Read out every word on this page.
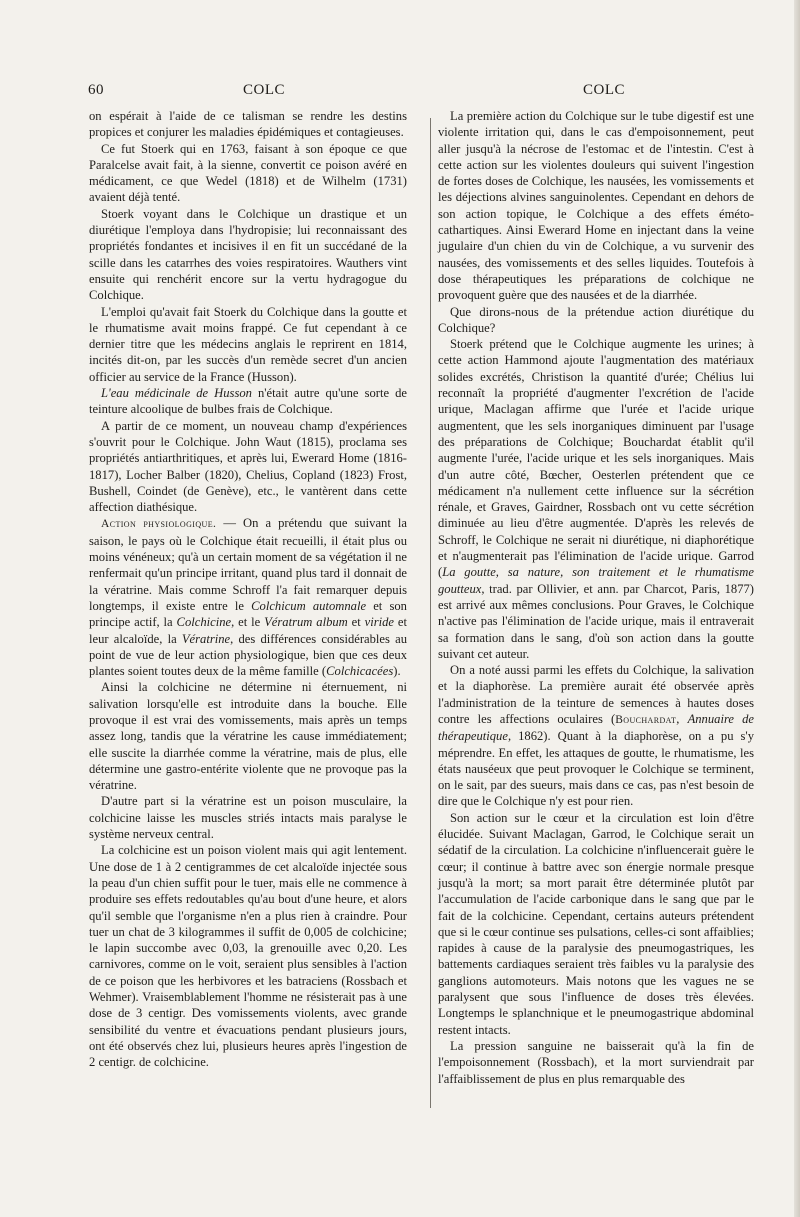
60	COLC	COLC

on espérait à l'aide de ce talisman se rendre les destins propices et conjurer les maladies épidémiques et contagieuses.

Ce fut Stoerk qui en 1763, faisant à son époque ce que Paralcelse avait fait, à la sienne, convertit ce poison avéré en médicament, ce que Wedel (1818) et de Wilhelm (1731) avaient déjà tenté.

Stoerk voyant dans le Colchique un drastique et un diurétique l'employa dans l'hydropisie; lui reconnaissant des propriétés fondantes et incisives il en fit un succédané de la scille dans les catarrhes des voies respiratoires. Wauthers vint ensuite qui renchérit encore sur la vertu hydragogue du Colchique.

L'emploi qu'avait fait Stoerk du Colchique dans la goutte et le rhumatisme avait moins frappé. Ce fut cependant à ce dernier titre que les médecins anglais le reprirent en 1814, incités dit-on, par les succès d'un remède secret d'un ancien officier au service de la France (Husson).

L'eau médicinale de Husson n'était autre qu'une sorte de teinture alcoolique de bulbes frais de Colchique.

A partir de ce moment, un nouveau champ d'expériences s'ouvrit pour le Colchique. John Waut (1815), proclama ses propriétés antiarthritiques, et après lui, Ewerard Home (1816-1817), Locher Balber (1820), Chelius, Copland (1823) Frost, Bushell, Coindet (de Genève), etc., le vantèrent dans cette affection diathésique.

Action physiologique. — On a prétendu que suivant la saison, le pays où le Colchique était recueilli, il était plus ou moins vénéneux; qu'à un certain moment de sa végétation il ne renfermait qu'un principe irritant, quand plus tard il donnait de la vératrine. Mais comme Schroff l'a fait remarquer depuis longtemps, il existe entre le Colchicum automnale et son principe actif, la Colchicine, et le Vératrum album et viride et leur alcaloïde, la Vératrine, des différences considérables au point de vue de leur action physiologique, bien que ces deux plantes soient toutes deux de la même famille (Colchicacées).

Ainsi la colchicine ne détermine ni éternuement, ni salivation lorsqu'elle est introduite dans la bouche. Elle provoque il est vrai des vomissements, mais après un temps assez long, tandis que la vératrine les cause immédiatement; elle suscite la diarrhée comme la vératrine, mais de plus, elle détermine une gastro-entérite violente que ne provoque pas la vératrine.

D'autre part si la vératrine est un poison musculaire, la colchicine laisse les muscles striés intacts mais paralyse le système nerveux central.

La colchicine est un poison violent mais qui agit lentement. Une dose de 1 à 2 centigrammes de cet alcaloïde injectée sous la peau d'un chien suffit pour le tuer, mais elle ne commence à produire ses effets redoutables qu'au bout d'une heure, et alors qu'il semble que l'organisme n'en a plus rien à craindre. Pour tuer un chat de 3 kilogrammes il suffit de 0,005 de colchicine; le lapin succombe avec 0,03, la grenouille avec 0,20. Les carnivores, comme on le voit, seraient plus sensibles à l'action de ce poison que les herbivores et les batraciens (Rossbach et Wehmer). Vraisemblablement l'homme ne résisterait pas à une dose de 3 centigr. Des vomissements violents, avec grande sensibilité du ventre et évacuations pendant plusieurs jours, ont été observés chez lui, plusieurs heures après l'ingestion de 2 centigr. de colchicine.

La première action du Colchique sur le tube digestif est une violente irritation qui, dans le cas d'empoisonnement, peut aller jusqu'à la nécrose de l'estomac et de l'intestin. C'est à cette action sur les violentes douleurs qui suivent l'ingestion de fortes doses de Colchique, les nausées, les vomissements et les déjections alvines sanguinolentes. Cependant en dehors de son action topique, le Colchique a des effets éméto-cathartiques. Ainsi Ewerard Home en injectant dans la veine jugulaire d'un chien du vin de Colchique, a vu survenir des nausées, des vomissements et des selles liquides. Toutefois à dose thérapeutiques les préparations de colchique ne provoquent guère que des nausées et de la diarrhée.

Que dirons-nous de la prétendue action diurétique du Colchique?

Stoerk prétend que le Colchique augmente les urines; à cette action Hammond ajoute l'augmentation des matériaux solides excrétés, Christison la quantité d'urée; Chélius lui reconnaît la propriété d'augmenter l'excrétion de l'acide urique, Maclagan affirme que l'urée et l'acide urique augmentent, que les sels inorganiques diminuent par l'usage des préparations de Colchique; Bouchardat établit qu'il augmente l'urée, l'acide urique et les sels inorganiques. Mais d'un autre côté, Bœcher, Oesterlen prétendent que ce médicament n'a nullement cette influence sur la sécrétion rénale, et Graves, Gairdner, Rossbach ont vu cette sécrétion diminuée au lieu d'être augmentée. D'après les relevés de Schroff, le Colchique ne serait ni diurétique, ni diaphorétique et n'augmenterait pas l'élimination de l'acide urique. Garrod (La goutte, sa nature, son traitement et le rhumatisme goutteux, trad. par Ollivier, et ann. par Charcot, Paris, 1877) est arrivé aux mêmes conclusions. Pour Graves, le Colchique n'active pas l'élimination de l'acide urique, mais il entraverait sa formation dans le sang, d'où son action dans la goutte suivant cet auteur.

On a noté aussi parmi les effets du Colchique, la salivation et la diaphorèse. La première aurait été observée après l'administration de la teinture de semences à hautes doses contre les affections oculaires (Bouchardat, Annuaire de thérapeutique, 1862). Quant à la diaphorèse, on a pu s'y méprendre. En effet, les attaques de goutte, le rhumatisme, les états nauséeux que peut provoquer le Colchique se terminent, on le sait, par des sueurs, mais dans ce cas, pas n'est besoin de dire que le Colchique n'y est pour rien.

Son action sur le cœur et la circulation est loin d'être élucidée. Suivant Maclagan, Garrod, le Colchique serait un sédatif de la circulation. La colchicine n'influencerait guère le cœur; il continue à battre avec son énergie normale presque jusqu'à la mort; sa mort parait être déterminée plutôt par l'accumulation de l'acide carbonique dans le sang que par le fait de la colchicine. Cependant, certains auteurs prétendent que si le cœur continue ses pulsations, celles-ci sont affaiblies; rapides à cause de la paralysie des pneumogastriques, les battements cardiaques seraient très faibles vu la paralysie des ganglions automoteurs. Mais notons que les vagues ne se paralysent que sous l'influence de doses très élevées. Longtemps le splanchnique et le pneumogastrique abdominal restent intacts.

La pression sanguine ne baisserait qu'à la fin de l'empoisonnement (Rossbach), et la mort surviendrait par l'affaiblissement de plus en plus remarquable des
